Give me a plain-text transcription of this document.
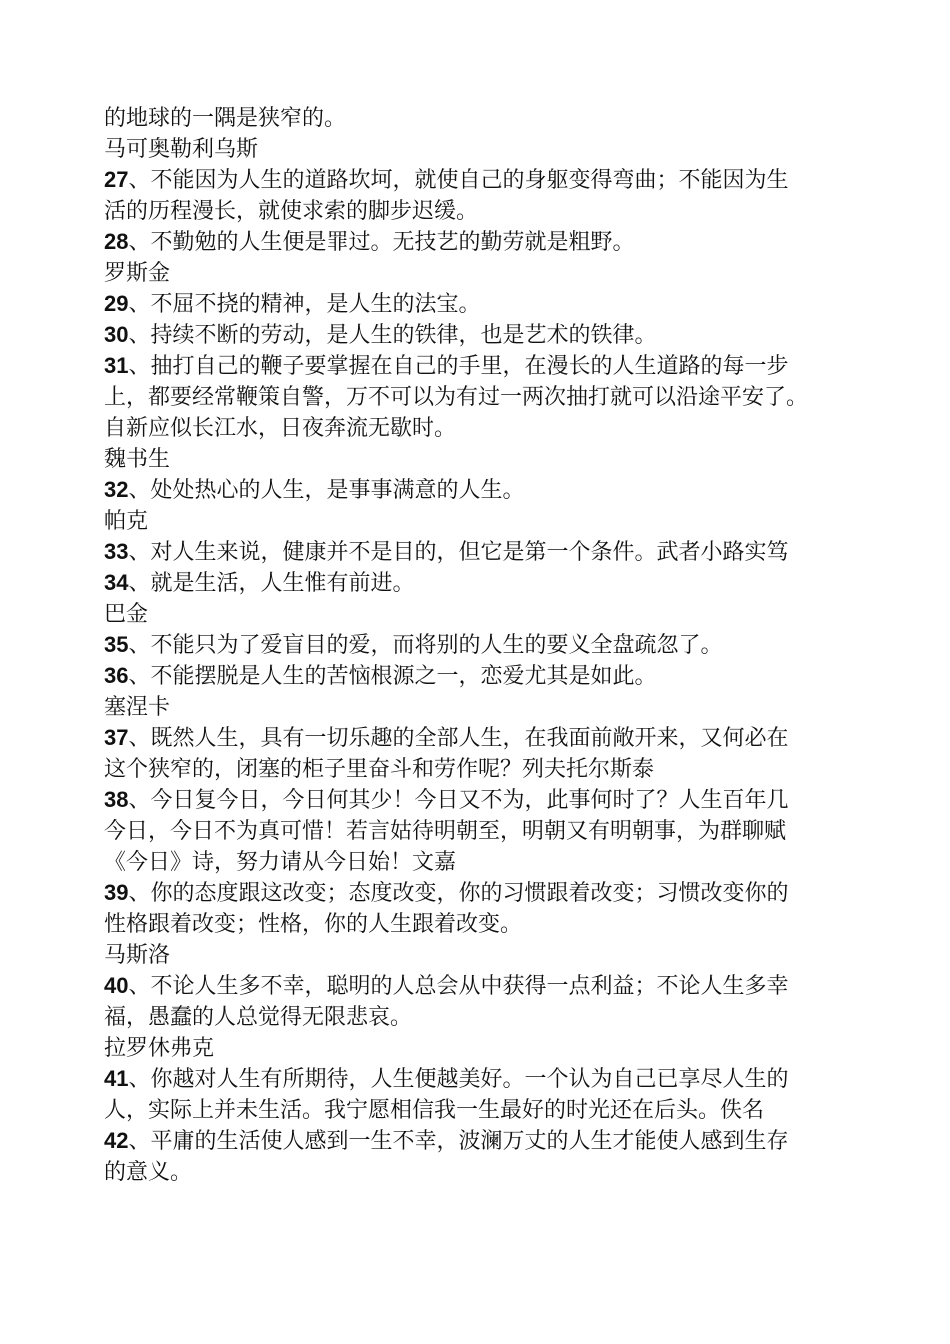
的地球的一隅是狭窄的。
马可奥勒利乌斯
27、不能因为人生的道路坎坷，就使自己的身躯变得弯曲；不能因为生
活的历程漫长，就使求索的脚步迟缓。
28、不勤勉的人生便是罪过。无技艺的勤劳就是粗野。
罗斯金
29、不屈不挠的精神，是人生的法宝。
30、持续不断的劳动，是人生的铁律，也是艺术的铁律。
31、抽打自己的鞭子要掌握在自己的手里，在漫长的人生道路的每一步
上，都要经常鞭策自警，万不可以为有过一两次抽打就可以沿途平安了。
自新应似长江水，日夜奔流无歇时。
魏书生
32、处处热心的人生，是事事满意的人生。
帕克
33、对人生来说，健康并不是目的，但它是第一个条件。武者小路实笃
34、就是生活，人生惟有前进。
巴金
35、不能只为了爱盲目的爱，而将别的人生的要义全盘疏忽了。
36、不能摆脱是人生的苦恼根源之一，恋爱尤其是如此。
塞涅卡
37、既然人生，具有一切乐趣的全部人生，在我面前敞开来，又何必在
这个狭窄的，闭塞的柜子里奋斗和劳作呢？列夫托尔斯泰
38、今日复今日，今日何其少！今日又不为，此事何时了？人生百年几
今日，今日不为真可惜！若言姑待明朝至，明朝又有明朝事，为群聊赋
《今日》诗，努力请从今日始！文嘉
39、你的态度跟这改变；态度改变，你的习惯跟着改变；习惯改变你的
性格跟着改变；性格，你的人生跟着改变。
马斯洛
40、不论人生多不幸，聪明的人总会从中获得一点利益；不论人生多幸
福，愚蠢的人总觉得无限悲哀。
拉罗休弗克
41、你越对人生有所期待，人生便越美好。一个认为自己已享尽人生的
人，实际上并未生活。我宁愿相信我一生最好的时光还在后头。佚名
42、平庸的生活使人感到一生不幸，波澜万丈的人生才能使人感到生存
的意义。
